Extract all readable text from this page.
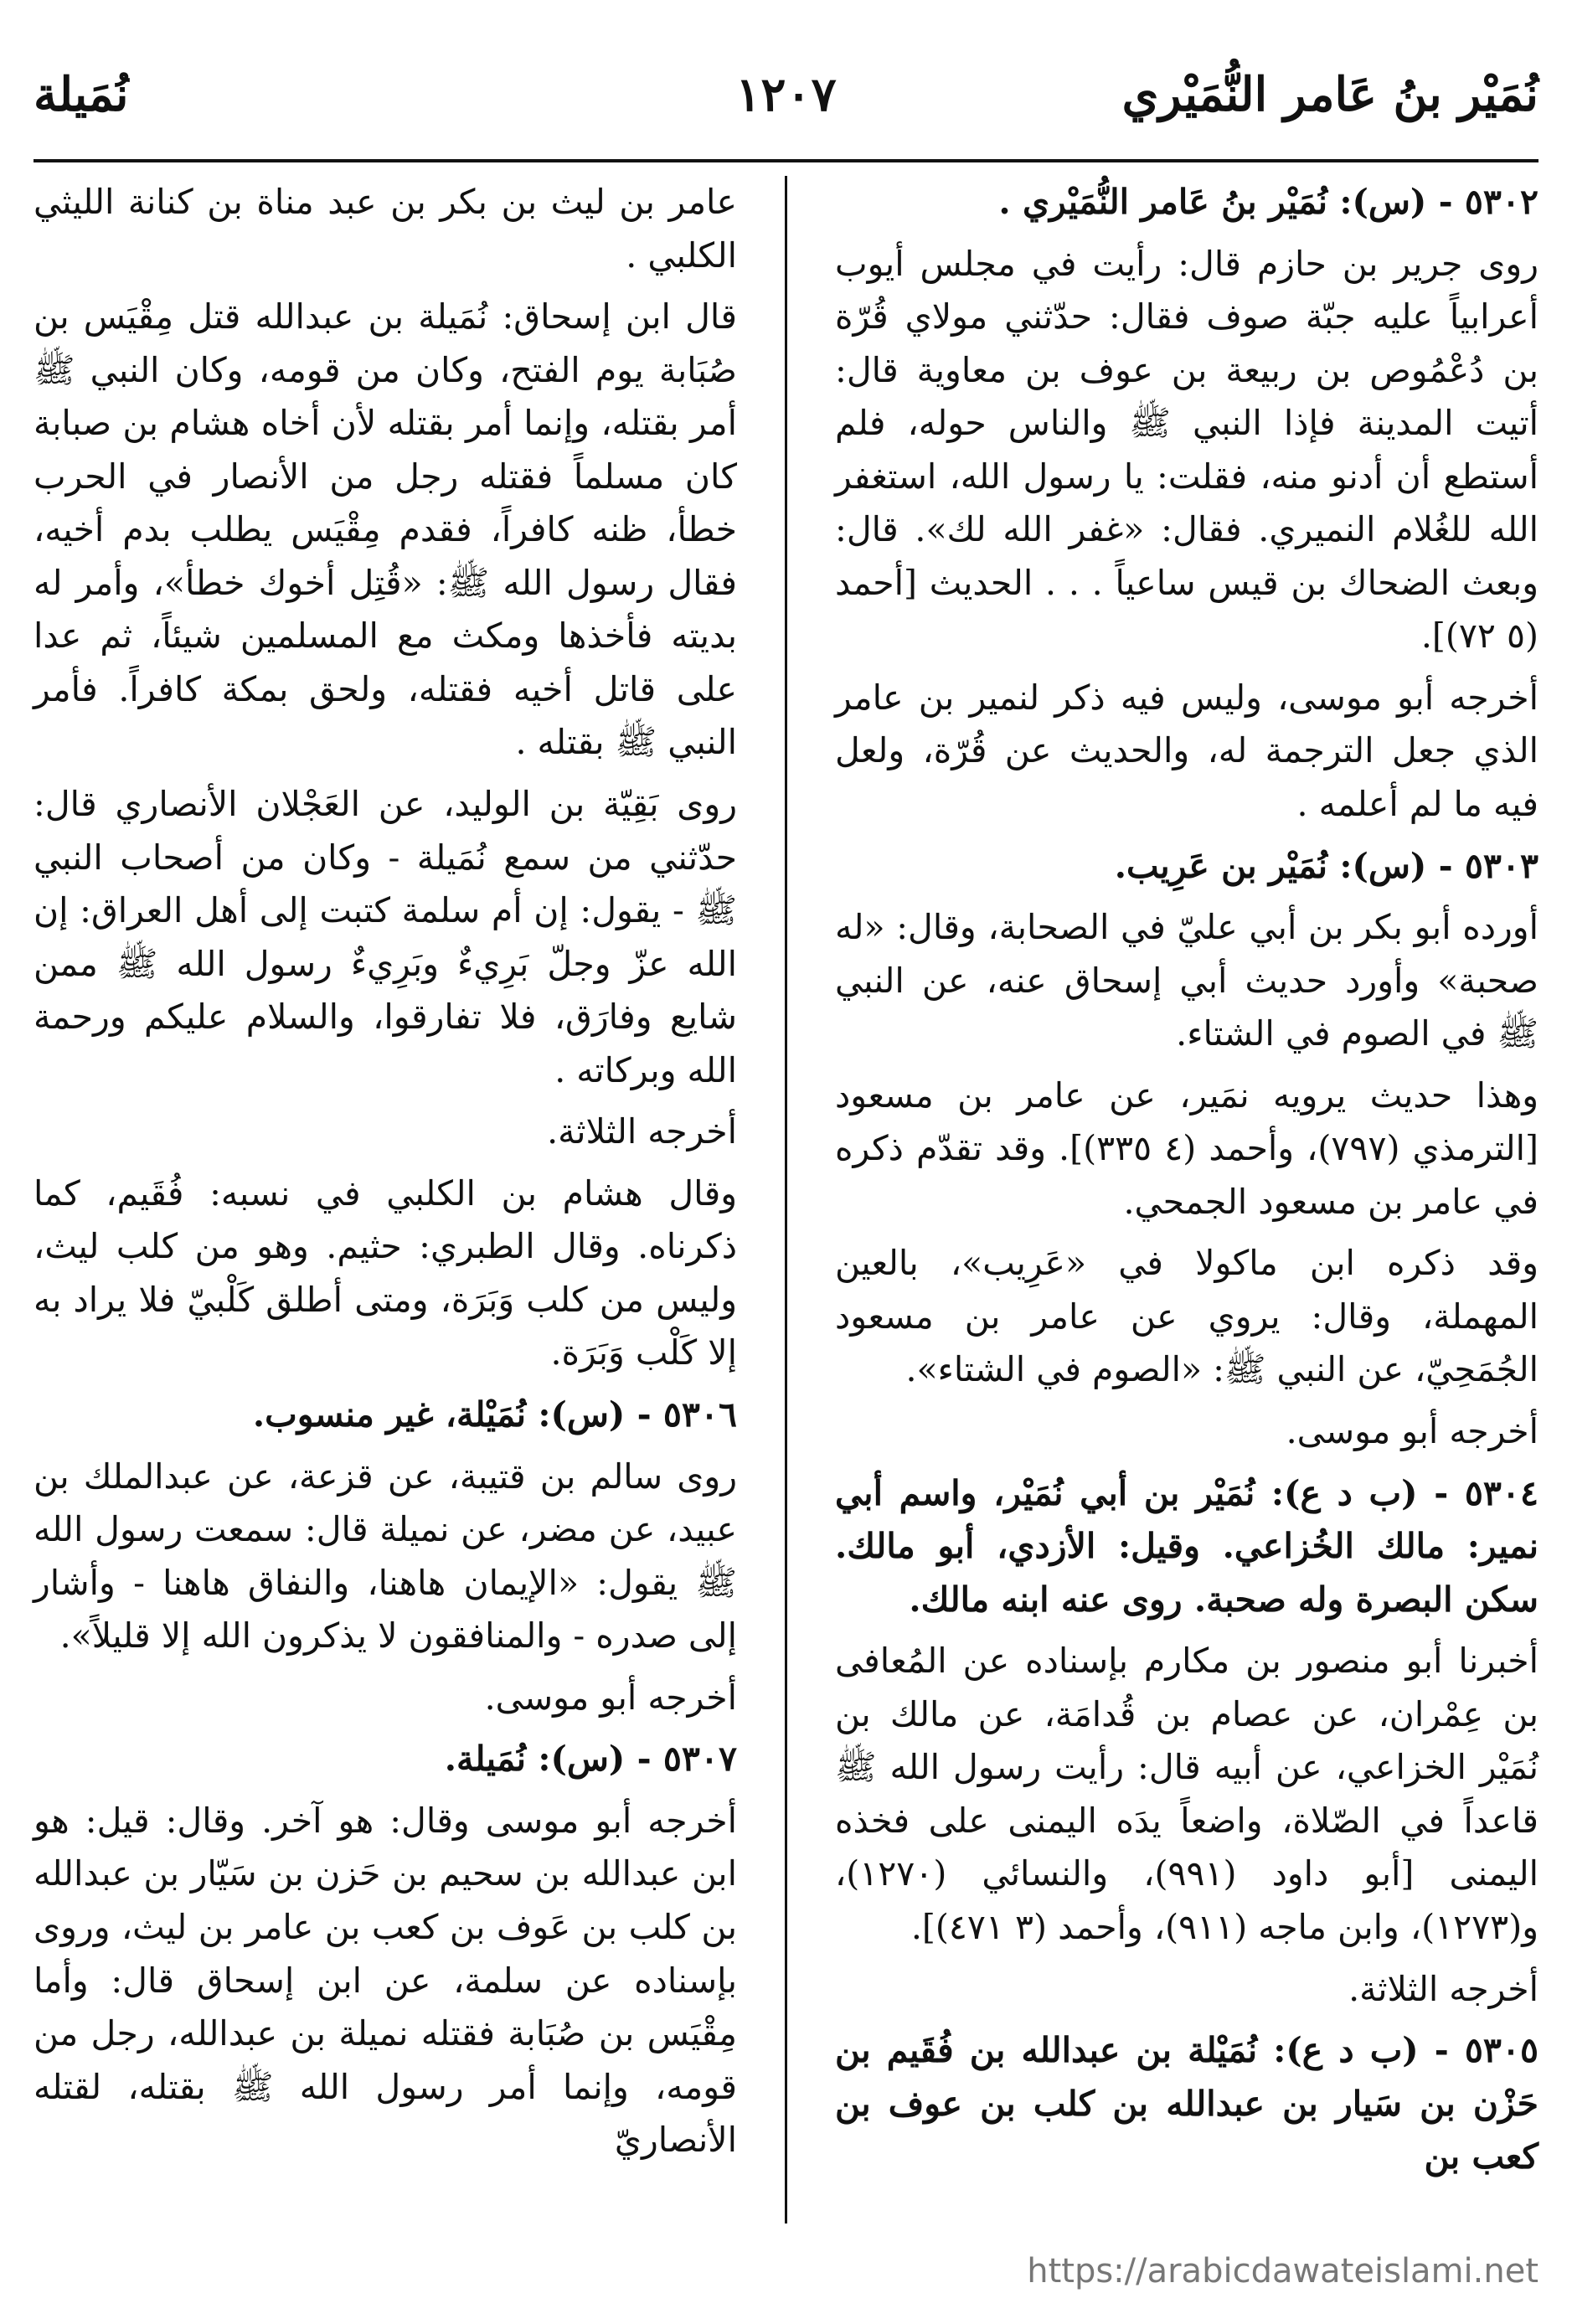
نُمَيْر بنُ عَامر النُّمَيْري
١٢٠٧
نُمَيلة

٥٣٠٢ - (س): نُمَيْر بنُ عَامر النُّمَيْري .

روى جرير بن حازم قال: رأيت في مجلس أيوب أعرابياً عليه جبّة صوف فقال: حدّثني مولاي قُرّة بن دُعْمُوص بن ربيعة بن عوف بن معاوية قال: أتيت المدينة فإذا النبي ﷺ والناس حوله، فلم أستطع أن أدنو منه، فقلت: يا رسول الله، استغفر الله للغُلام النميري. فقال: «غفر الله لك». قال: وبعث الضحاك بن قيس ساعياً . . . الحديث [أحمد (٥ ٧٢)].

أخرجه أبو موسى، وليس فيه ذكر لنمير بن عامر الذي جعل الترجمة له، والحديث عن قُرّة، ولعل فيه ما لم أعلمه .

٥٣٠٣ - (س): نُمَيْر بن عَرِيب.

أورده أبو بكر بن أبي عليّ في الصحابة، وقال: «له صحبة» وأورد حديث أبي إسحاق عنه، عن النبي ﷺ في الصوم في الشتاء.

وهذا حديث يرويه نمَير، عن عامر بن مسعود [الترمذي (٧٩٧)، وأحمد (٤ ٣٣٥)]. وقد تقدّم ذكره في عامر بن مسعود الجمحي.

وقد ذكره ابن ماكولا في «عَرِيب»، بالعين المهملة، وقال: يروي عن عامر بن مسعود الجُمَحِيّ، عن النبي ﷺ: «الصوم في الشتاء».

أخرجه أبو موسى.

٥٣٠٤ - (ب د ع): نُمَيْر بن أبي نُمَيْر، واسم أبي نمير: مالك الخُزاعي. وقيل: الأزدي، أبو مالك. سكن البصرة وله صحبة. روى عنه ابنه مالك.

أخبرنا أبو منصور بن مكارم بإسناده عن المُعافى بن عِمْران، عن عصام بن قُدامَة، عن مالك بن نُمَيْر الخزاعي، عن أبيه قال: رأيت رسول الله ﷺ قاعداً في الصّلاة، واضعاً يدَه اليمنى على فخذه اليمنى [أبو داود (٩٩١)، والنسائي (١٢٧٠)، و(١٢٧٣)، وابن ماجه (٩١١)، وأحمد (٣ ٤٧١)].

أخرجه الثلاثة.

٥٣٠٥ - (ب د ع): نُمَيْلة بن عبدالله بن فُقَيم بن حَزْن بن سَيار بن عبدالله بن كلب بن عوف بن كعب بن

عامر بن ليث بن بكر بن عبد مناة بن كنانة الليثي الكلبي .

قال ابن إسحاق: نُمَيلة بن عبدالله قتل مِقْيَس بن صُبَابة يوم الفتح، وكان من قومه، وكان النبي ﷺ أمر بقتله، وإنما أمر بقتله لأن أخاه هشام بن صبابة كان مسلماً فقتله رجل من الأنصار في الحرب خطأ، ظنه كافراً، فقدم مِقْيَس يطلب بدم أخيه، فقال رسول الله ﷺ: «قُتِل أخوك خطأ»، وأمر له بديته فأخذها ومكث مع المسلمين شيئاً، ثم عدا على قاتل أخيه فقتله، ولحق بمكة كافراً. فأمر النبي ﷺ بقتله .

روى بَقِيّة بن الوليد، عن العَجْلان الأنصاري قال: حدّثني من سمع نُمَيلة - وكان من أصحاب النبي ﷺ - يقول: إن أم سلمة كتبت إلى أهل العراق: إن الله عزّ وجلّ بَرِيءٌ وبَرِيءٌ رسول الله ﷺ ممن شايع وفارَق، فلا تفارقوا، والسلام عليكم ورحمة الله وبركاته .

أخرجه الثلاثة.

وقال هشام بن الكلبي في نسبه: فُقَيم، كما ذكرناه. وقال الطبري: حثيم. وهو من كلب ليث، وليس من كلب وَبَرَة، ومتى أطلق كَلْبيّ فلا يراد به إلا كَلْب وَبَرَة.

٥٣٠٦ - (س): نُمَيْلة، غير منسوب.

روى سالم بن قتيبة، عن قزعة، عن عبدالملك بن عبيد، عن مضر، عن نميلة قال: سمعت رسول الله ﷺ يقول: «الإيمان هاهنا، والنفاق هاهنا - وأشار إلى صدره - والمنافقون لا يذكرون الله إلا قليلاً».

أخرجه أبو موسى.

٥٣٠٧ - (س): نُمَيلة.

أخرجه أبو موسى وقال: هو آخر. وقال: قيل: هو ابن عبدالله بن سحيم بن حَزن بن سَيّار بن عبدالله بن كلب بن عَوف بن كعب بن عامر بن ليث، وروى بإسناده عن سلمة، عن ابن إسحاق قال: وأما مِقْيَس بن صُبَابة فقتله نميلة بن عبدالله، رجل من قومه، وإنما أمر رسول الله ﷺ بقتله، لقتله الأنصاريّ

https://arabicdawateislami.net
